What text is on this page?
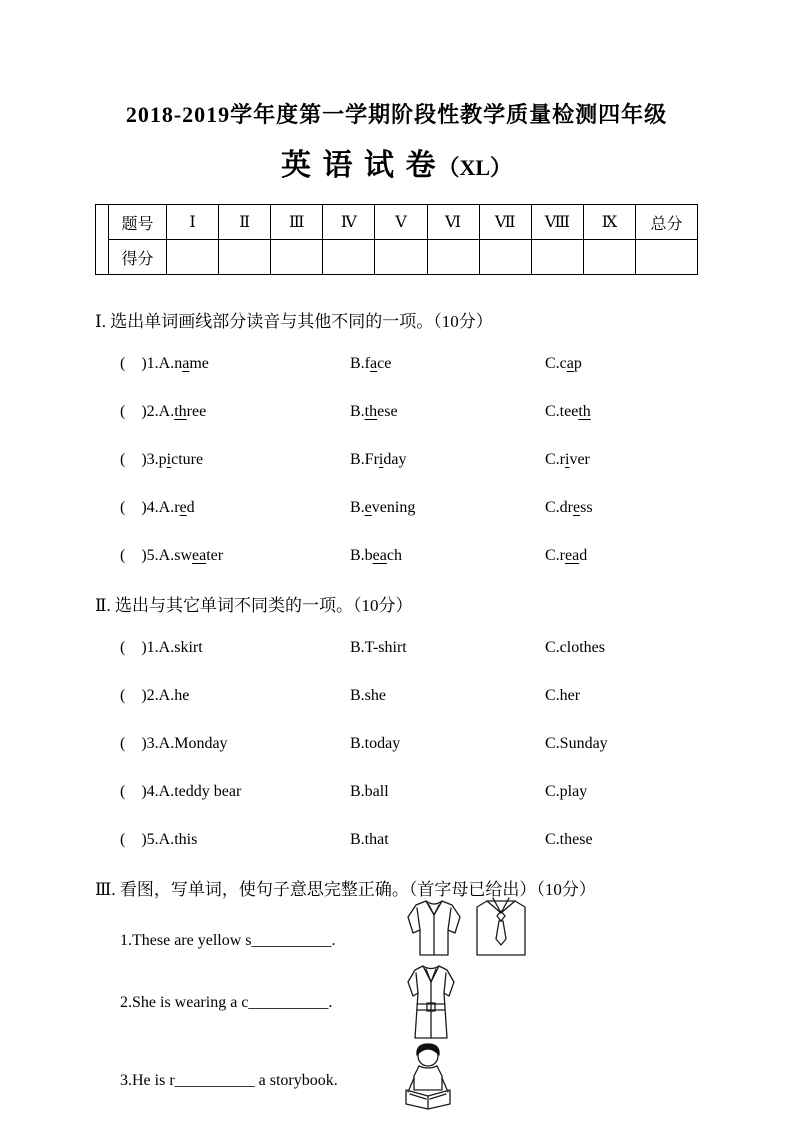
2018-2019学年度第一学期阶段性教学质量检测四年级
英 语 试 卷（XL）
	题号	Ⅰ	Ⅱ	Ⅲ	Ⅳ	Ⅴ	Ⅵ	Ⅶ	Ⅷ	Ⅸ	总分
	得分										
Ⅰ. 选出单词画线部分读音与其他不同的一项。（10分）
(    )1.A.name	B.face	C.cap
(    )2.A.three	B.these	C.teeth
(    )3.picture	B.Friday	C.river
(    )4.A.red	B.evening	C.dress
(    )5.A.sweater	B.beach	C.read
Ⅱ. 选出与其它单词不同类的一项。（10分）
(    )1.A.skirt	B.T-shirt	C.clothes
(    )2.A.he	B.she	C.her
(    )3.A.Monday	B.today	C.Sunday
(    )4.A.teddy bear	B.ball	C.play
(    )5.A.this	B.that	C.these
Ⅲ. 看图，写单词，使句子意思完整正确。（首字母已给出）（10分）
1.These are yellow s__________.
2.She is wearing a c__________.
3.He is r__________ a storybook.
